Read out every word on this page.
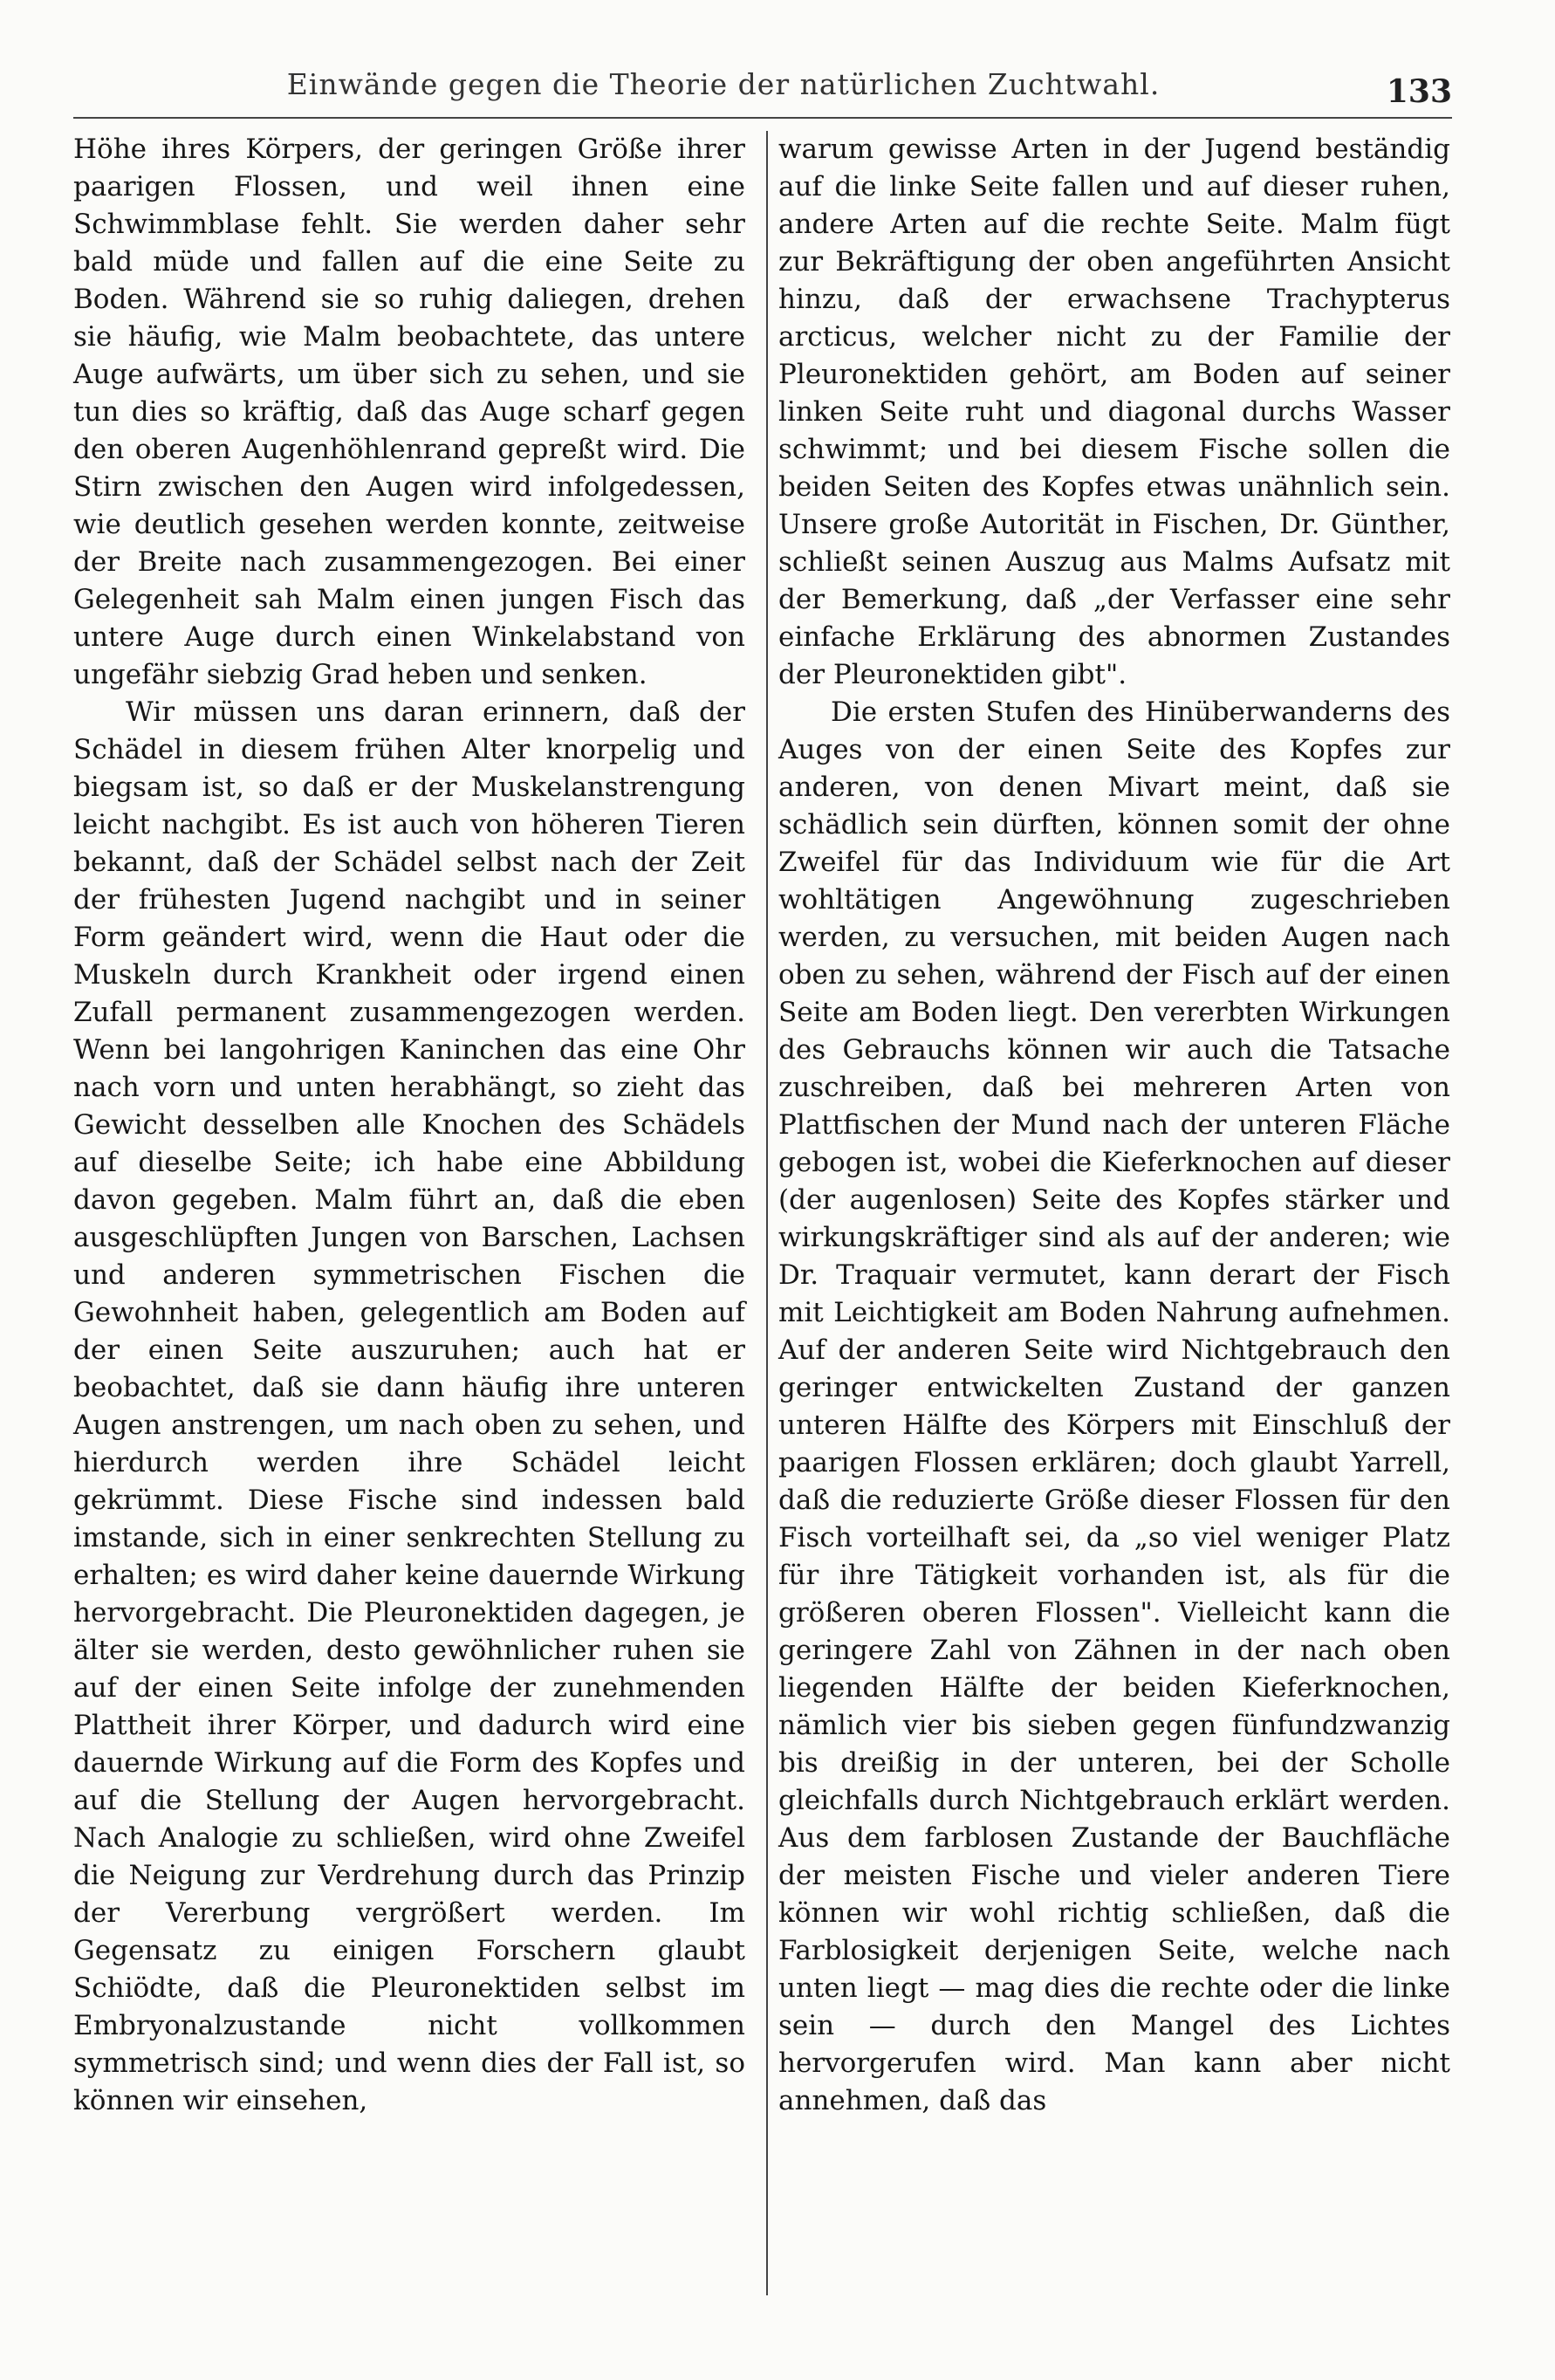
Einwände gegen die Theorie der natürlichen Zuchtwahl.	133

Höhe ihres Körpers, der geringen Größe ihrer paarigen Flossen, und weil ihnen eine Schwimmblase fehlt. Sie werden daher sehr bald müde und fallen auf die eine Seite zu Boden. Während sie so ruhig daliegen, drehen sie häufig, wie Malm beobachtete, das untere Auge aufwärts, um über sich zu sehen, und sie tun dies so kräftig, daß das Auge scharf gegen den oberen Augenhöhlenrand gepreßt wird. Die Stirn zwischen den Augen wird infolgedessen, wie deutlich gesehen werden konnte, zeitweise der Breite nach zusammengezogen. Bei einer Gelegenheit sah Malm einen jungen Fisch das untere Auge durch einen Winkelabstand von ungefähr siebzig Grad heben und senken.

Wir müssen uns daran erinnern, daß der Schädel in diesem frühen Alter knorpelig und biegsam ist, so daß er der Muskelanstrengung leicht nachgibt. Es ist auch von höheren Tieren bekannt, daß der Schädel selbst nach der Zeit der frühesten Jugend nachgibt und in seiner Form geändert wird, wenn die Haut oder die Muskeln durch Krankheit oder irgend einen Zufall permanent zusammengezogen werden. Wenn bei langohrigen Kaninchen das eine Ohr nach vorn und unten herabhängt, so zieht das Gewicht desselben alle Knochen des Schädels auf dieselbe Seite; ich habe eine Abbildung davon gegeben. Malm führt an, daß die eben ausgeschlüpften Jungen von Barschen, Lachsen und anderen symmetrischen Fischen die Gewohnheit haben, gelegentlich am Boden auf der einen Seite auszuruhen; auch hat er beobachtet, daß sie dann häufig ihre unteren Augen anstrengen, um nach oben zu sehen, und hierdurch werden ihre Schädel leicht gekrümmt. Diese Fische sind indessen bald imstande, sich in einer senkrechten Stellung zu erhalten; es wird daher keine dauernde Wirkung hervorgebracht. Die Pleuronektiden dagegen, je älter sie werden, desto gewöhnlicher ruhen sie auf der einen Seite infolge der zunehmenden Plattheit ihrer Körper, und dadurch wird eine dauernde Wirkung auf die Form des Kopfes und auf die Stellung der Augen hervorgebracht. Nach Analogie zu schließen, wird ohne Zweifel die Neigung zur Verdrehung durch das Prinzip der Vererbung vergrößert werden. Im Gegensatz zu einigen Forschern glaubt Schiödte, daß die Pleuronektiden selbst im Embryonalzustande nicht vollkommen symmetrisch sind; und wenn dies der Fall ist, so können wir einsehen,

warum gewisse Arten in der Jugend beständig auf die linke Seite fallen und auf dieser ruhen, andere Arten auf die rechte Seite. Malm fügt zur Bekräftigung der oben angeführten Ansicht hinzu, daß der erwachsene Trachypterus arcticus, welcher nicht zu der Familie der Pleuronektiden gehört, am Boden auf seiner linken Seite ruht und diagonal durchs Wasser schwimmt; und bei diesem Fische sollen die beiden Seiten des Kopfes etwas unähnlich sein. Unsere große Autorität in Fischen, Dr. Günther, schließt seinen Auszug aus Malms Aufsatz mit der Bemerkung, daß „der Verfasser eine sehr einfache Erklärung des abnormen Zustandes der Pleuronektiden gibt".

Die ersten Stufen des Hinüberwanderns des Auges von der einen Seite des Kopfes zur anderen, von denen Mivart meint, daß sie schädlich sein dürften, können somit der ohne Zweifel für das Individuum wie für die Art wohltätigen Angewöhnung zugeschrieben werden, zu versuchen, mit beiden Augen nach oben zu sehen, während der Fisch auf der einen Seite am Boden liegt. Den vererbten Wirkungen des Gebrauchs können wir auch die Tatsache zuschreiben, daß bei mehreren Arten von Plattfischen der Mund nach der unteren Fläche gebogen ist, wobei die Kieferknochen auf dieser (der augenlosen) Seite des Kopfes stärker und wirkungskräftiger sind als auf der anderen; wie Dr. Traquair vermutet, kann derart der Fisch mit Leichtigkeit am Boden Nahrung aufnehmen. Auf der anderen Seite wird Nichtgebrauch den geringer entwickelten Zustand der ganzen unteren Hälfte des Körpers mit Einschluß der paarigen Flossen erklären; doch glaubt Yarrell, daß die reduzierte Größe dieser Flossen für den Fisch vorteilhaft sei, da „so viel weniger Platz für ihre Tätigkeit vorhanden ist, als für die größeren oberen Flossen". Vielleicht kann die geringere Zahl von Zähnen in der nach oben liegenden Hälfte der beiden Kieferknochen, nämlich vier bis sieben gegen fünfundzwanzig bis dreißig in der unteren, bei der Scholle gleichfalls durch Nichtgebrauch erklärt werden. Aus dem farblosen Zustande der Bauchfläche der meisten Fische und vieler anderen Tiere können wir wohl richtig schließen, daß die Farblosigkeit derjenigen Seite, welche nach unten liegt — mag dies die rechte oder die linke sein — durch den Mangel des Lichtes hervorgerufen wird. Man kann aber nicht annehmen, daß das
